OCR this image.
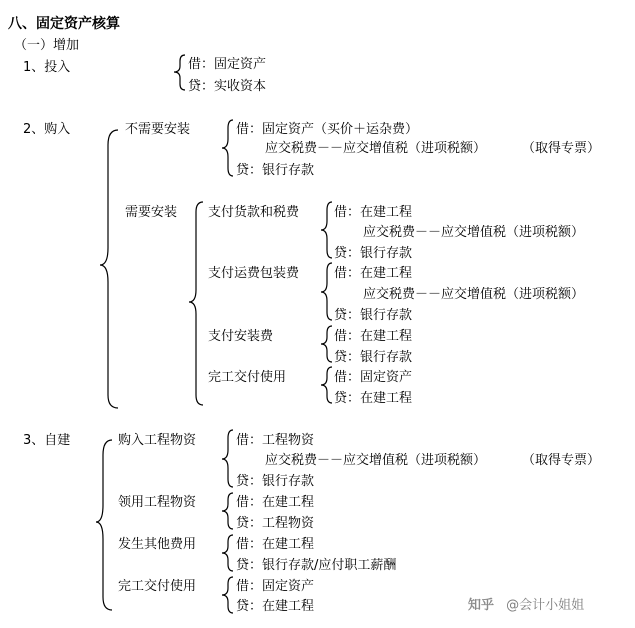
八、固定资产核算
（一）增加
1、投入	借：固定资产
贷：实收资本
2、购入	不需要安装	借：固定资产（买价＋运杂费）
应交税费－－应交增值税（进项税额）	（取得专票）
贷：银行存款
需要安装 支付货款和税费	借：在建工程
应交税费－－应交增值税（进项税额）
贷：银行存款
支付运费包装费	借：在建工程
应交税费－－应交增值税（进项税额）
贷：银行存款
支付安装费	借：在建工程
贷：银行存款
完工交付使用	借：固定资产
贷：在建工程
3、自建	购入工程物资	借：工程物资
应交税费－－应交增值税（进项税额）	（取得专票）
贷：银行存款
领用工程物资	借：在建工程
贷：工程物资
发生其他费用	借：在建工程
贷：银行存款/应付职工薪酬
完工交付使用	借：固定资产
贷：在建工程	知乎 @会计小姐姐
